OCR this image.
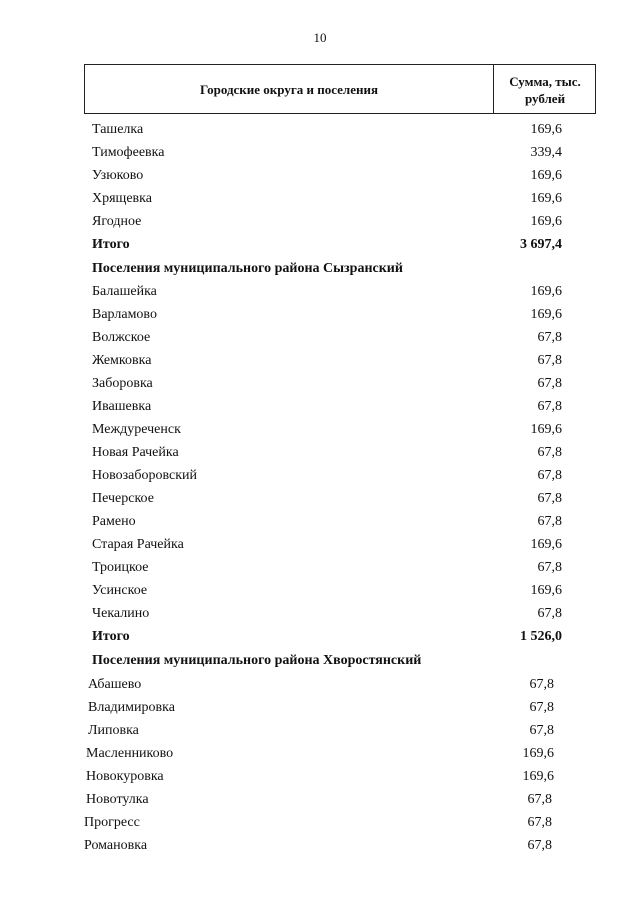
10
Городские округа и поселения
Сумма, тыс.
рублей
Ташелка	169,6
Тимофеевка	339,4
Узюково	169,6
Хрящевка	169,6
Ягодное	169,6
Итого	3 697,4
Поселения муниципального района Сызранский
Балашейка	169,6
Варламово	169,6
Волжское	67,8
Жемковка	67,8
Заборовка	67,8
Ивашевка	67,8
Междуреченск	169,6
Новая Рачейка	67,8
Новозаборовский	67,8
Печерское	67,8
Рамено	67,8
Старая Рачейка	169,6
Троицкое	67,8
Усинское	169,6
Чекалино	67,8
Итого	1 526,0
Поселения муниципального района Хворостянский
Абашево	67,8
Владимировка	67,8
Липовка	67,8
Масленниково	169,6
Новокуровка	169,6
Новотулка	67,8
Прогресс	67,8
Романовка	67,8
